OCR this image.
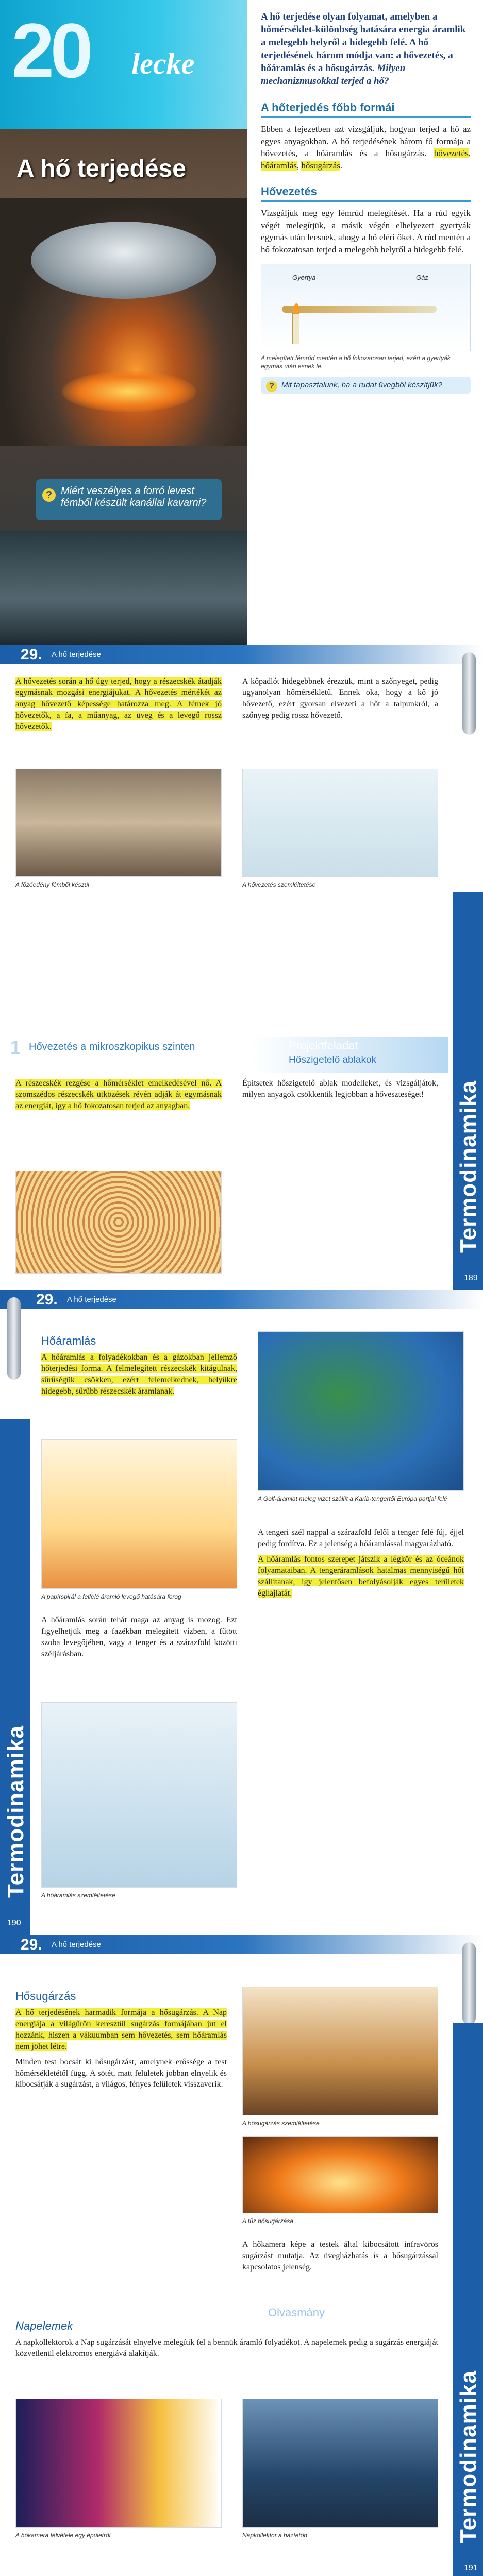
20 lecke
A hő terjedése
? Miért veszélyes a forró levest fémből készült kanállal kavarni?

A hő terjedése olyan folyamat, amelyben a hőmérséklet-különbség hatására energia áramlik a melegebb helyről a hidegebb felé. A hő terjedésének három módja van: a hővezetés, a hőáramlás és a hősugárzás. Milyen mechanizmusokkal terjed a hő?

A hőterjedés főbb formái

Ebben a fejezetben azt vizsgáljuk, hogyan terjed a hő az egyes anyagokban. A hő terjedésének három fő formája a hővezetés, a hőáramlás és a hősugárzás. hővezetés, hőáramlás, hősugárzás.

Hővezetés

Vizsgáljuk meg egy fémrúd melegítését. Ha a rúd egyik végét melegítjük, a másik végén elhelyezett gyertyák egymás után leesnek, ahogy a hő eléri őket. A rúd mentén a hő fokozatosan terjed a melegebb helyről a hidegebb felé.

Gyertya	Gáz

A melegített fémrúd mentén a hő fokozatosan terjed, ezért a gyertyák egymás után esnek le.

? Mit tapasztalunk, ha a rudat üvegből készítjük?
29. A hő terjedése

A hővezetés során a hő úgy terjed, hogy a részecskék átadják egymásnak mozgási energiájukat. A hővezetés mértékét az anyag hővezető képessége határozza meg. A fémek jó hővezetők, a fa, a műanyag, az üveg és a levegő rossz hővezetők.

A főzőedény fémből készül

A kőpadlót hidegebbnek érezzük, mint a szőnyeget, pedig ugyanolyan hőmérsékletű. Ennek oka, hogy a kő jó hővezető, ezért gyorsan elvezeti a hőt a talpunkról, a szőnyeg pedig rossz hővezető.

A hővezetés szemléltetése
1 Hővezetés a mikroszkopikus szinten

A részecskék rezgése a hőmérséklet emelkedésével nő. A szomszédos részecskék ütközések révén adják át egymásnak az energiát, így a hő fokozatosan terjed az anyagban.

Projektfeladat
Hőszigetelő ablakok
Építsetek hőszigetelő ablak modelleket, és vizsgáljátok, milyen anyagok csökkentik legjobban a hőveszteséget!	Termodinamika
189
29. A hő terjedése
Hőáramlás

A hőáramlás a folyadékokban és a gázokban jellemző hőterjedési forma. A felmelegített részecskék kitágulnak, sűrűségük csökken, ezért felemelkednek, helyükre hidegebb, sűrűbb részecskék áramlanak.

A papírspirál a felfelé áramló levegő hatására forog
A hőáramlás során tehát maga az anyag is mozog. Ezt figyelhetjük meg a fazékban melegített vízben, a fűtött szoba levegőjében, vagy a tenger és a szárazföld közötti széljárásban.
A hőáramlás szemléltetése
A Golf-áramlat meleg vizet szállít a Karib-tengertől Európa partjai felé

A tengeri szél nappal a szárazföld felől a tenger felé fúj, éjjel pedig fordítva. Ez a jelenség a hőáramlással magyarázható.

A hőáramlás fontos szerepet játszik a légkör és az óceánok folyamataiban. A tengeráramlások hatalmas mennyiségű hőt szállítanak, így jelentősen befolyásolják egyes területek éghajlatát.

Termodinamika
190
29. A hő terjedése
Hősugárzás

A hő terjedésének harmadik formája a hősugárzás. A Nap energiája a világűrön keresztül sugárzás formájában jut el hozzánk, hiszen a vákuumban sem hővezetés, sem hőáramlás nem jöhet létre.

Minden test bocsát ki hősugárzást, amelynek erőssége a test hőmérsékletétől függ. A sötét, matt felületek jobban elnyelik és kibocsátják a sugárzást, a világos, fényes felületek visszaverik.

A hősugárzás szemléltetése
A tűz hősugárzása
A hőkamera képe a testek által kibocsátott infravörös sugárzást mutatja. Az üvegházhatás is a hősugárzással kapcsolatos jelenség.
Napelemek

A napkollektorok a Nap sugárzását elnyelve melegítik fel a bennük áramló folyadékot. A napelemek pedig a sugárzás energiáját közvetlenül elektromos energiává alakítják.

Olvasmány
A hőkamera felvétele egy épületről	Napkollektor a háztetőn	Termodinamika
191
